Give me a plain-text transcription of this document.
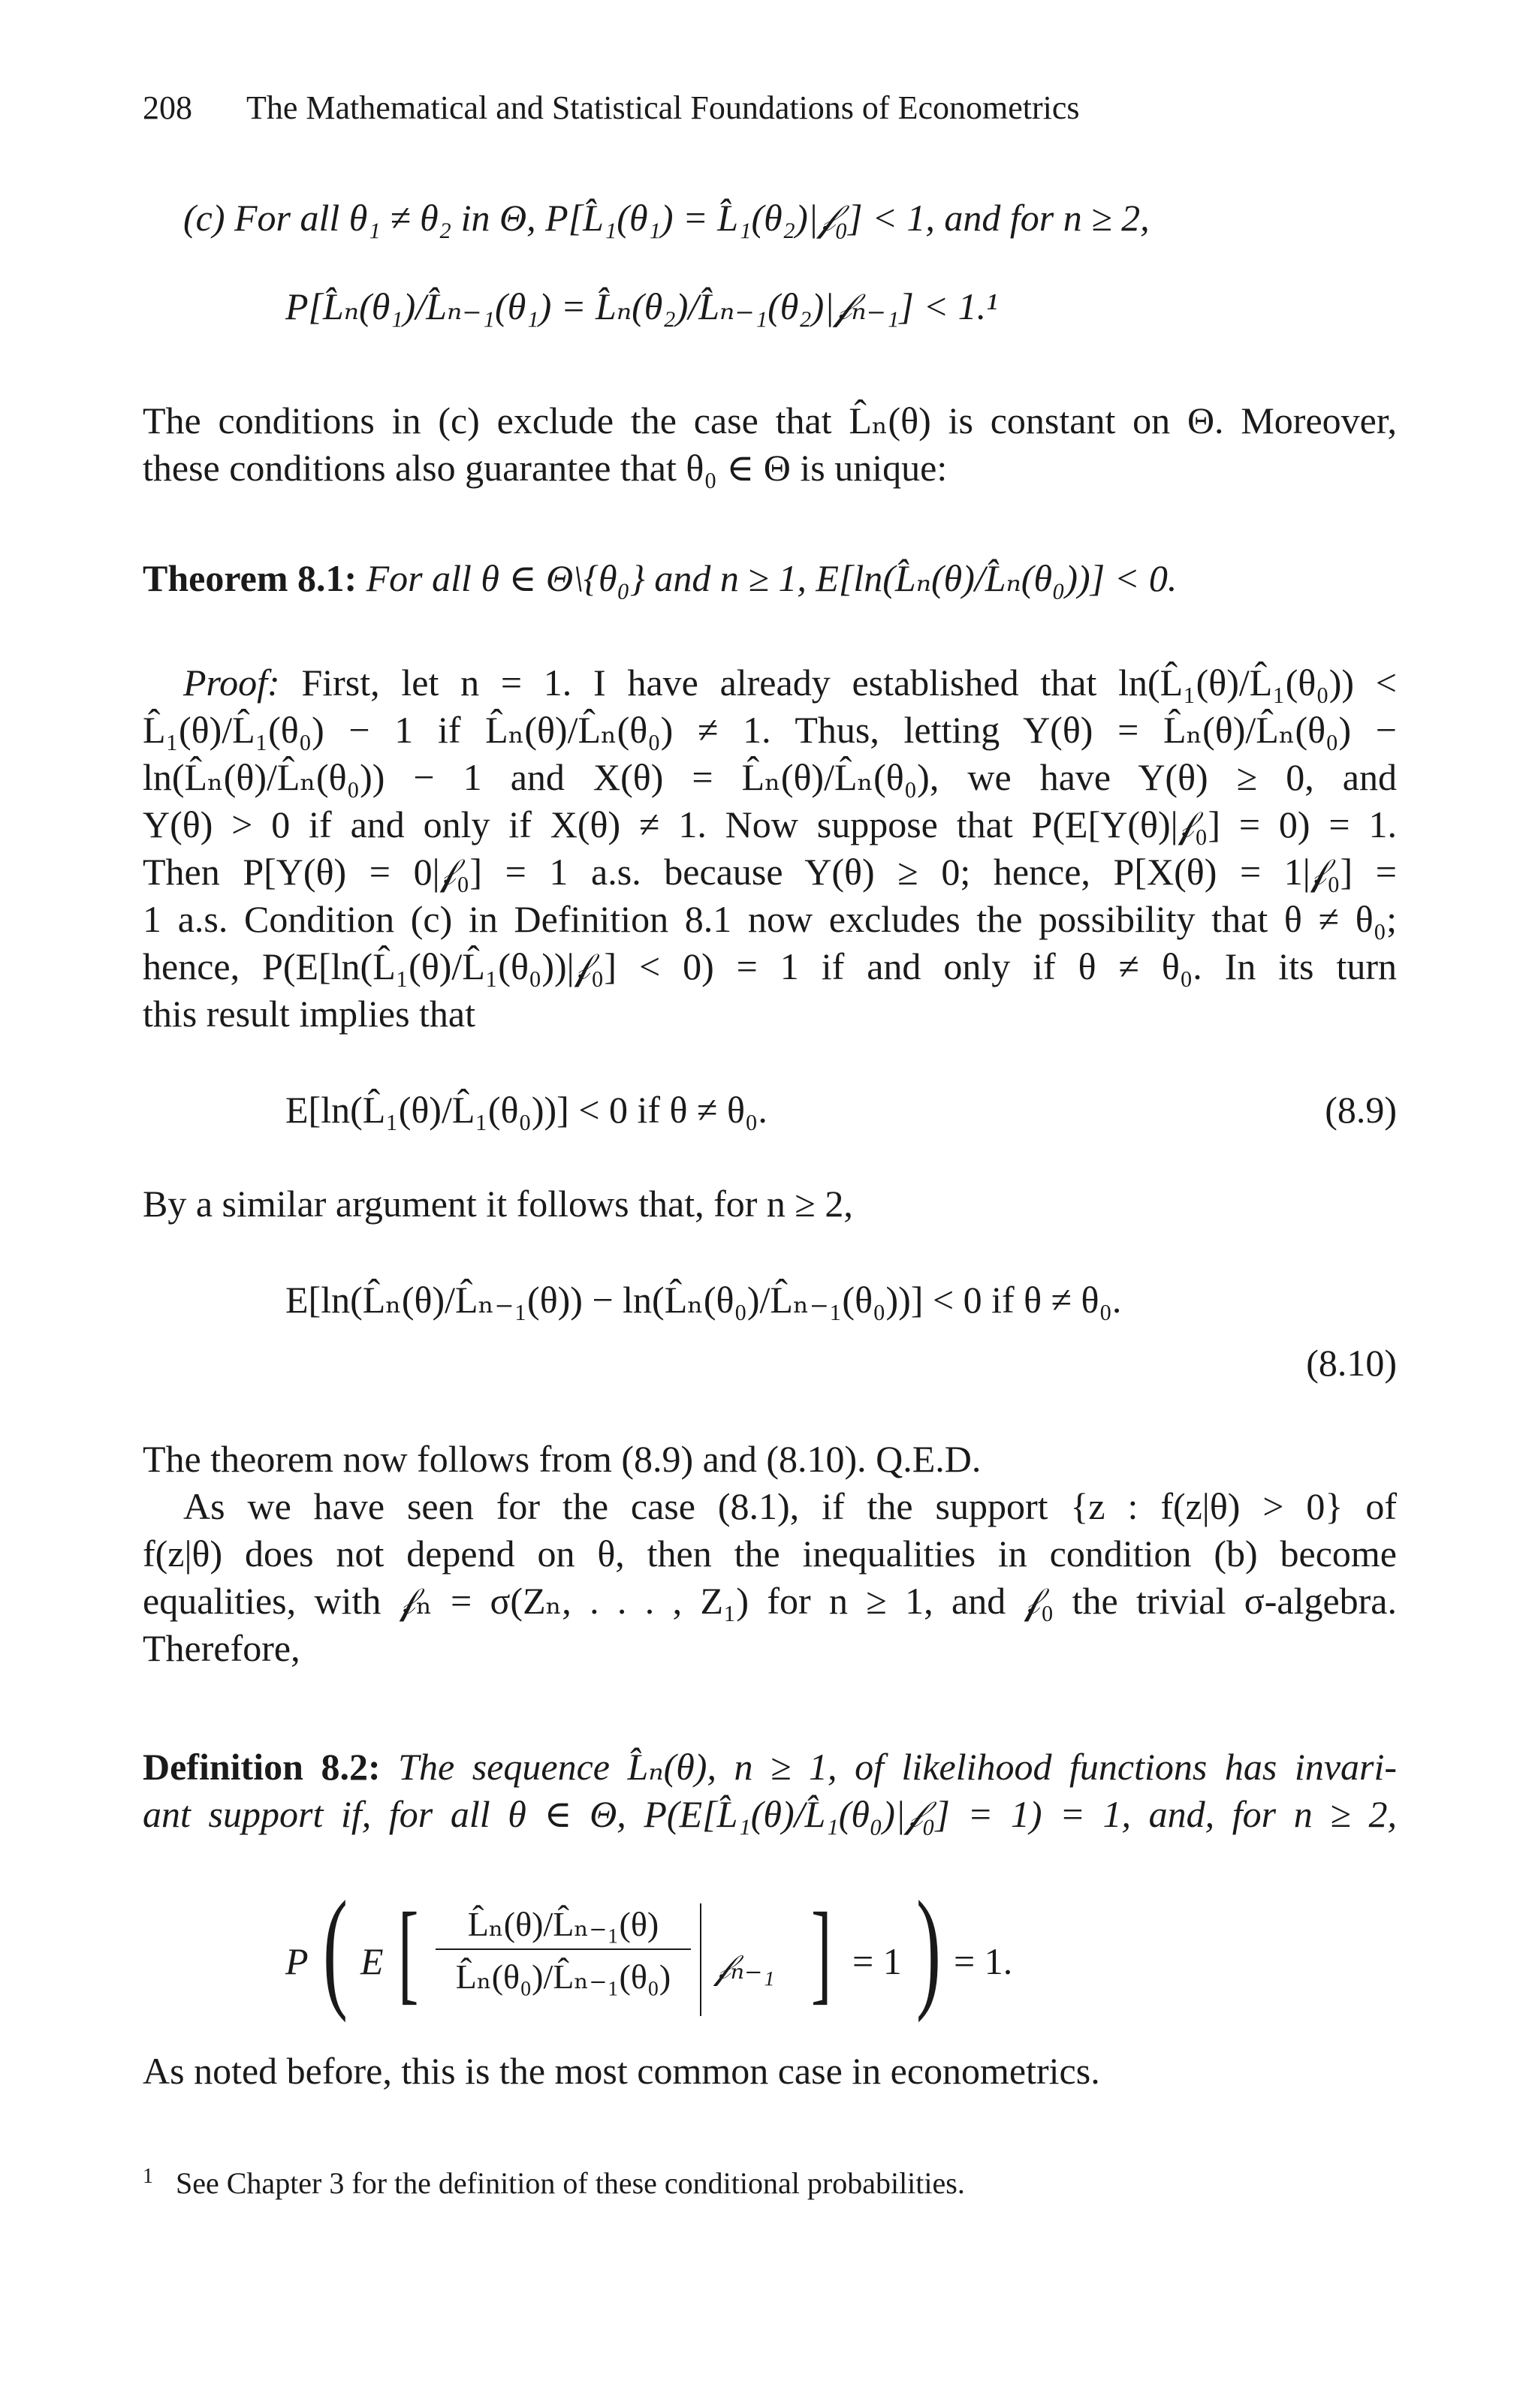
208 The Mathematical and Statistical Foundations of Econometrics
(c) For all θ₁ ≠ θ₂ in Θ, P[L̂₁(θ₁) = L̂₁(θ₂)|𝒻₀] < 1, and for n ≥ 2,
P[L̂ₙ(θ₁)/L̂ₙ₋₁(θ₁) = L̂ₙ(θ₂)/L̂ₙ₋₁(θ₂)|𝒻ₙ₋₁] < 1.¹
The conditions in (c) exclude the case that L̂ₙ(θ) is constant on Θ. Moreover,
these conditions also guarantee that θ₀ ∈ Θ is unique:
Theorem 8.1: For all θ ∈ Θ\{θ₀} and n ≥ 1, E[ln(L̂ₙ(θ)/L̂ₙ(θ₀))] < 0.
Proof: First, let n = 1. I have already established that ln(L̂₁(θ)/L̂₁(θ₀)) <
L̂₁(θ)/L̂₁(θ₀) − 1 if L̂ₙ(θ)/L̂ₙ(θ₀) ≠ 1. Thus, letting Y(θ) = L̂ₙ(θ)/L̂ₙ(θ₀) −
ln(L̂ₙ(θ)/L̂ₙ(θ₀)) − 1 and X(θ) = L̂ₙ(θ)/L̂ₙ(θ₀), we have Y(θ) ≥ 0, and
Y(θ) > 0 if and only if X(θ) ≠ 1. Now suppose that P(E[Y(θ)|𝒻₀] = 0) = 1.
Then P[Y(θ) = 0|𝒻₀] = 1 a.s. because Y(θ) ≥ 0; hence, P[X(θ) = 1|𝒻₀] =
1 a.s. Condition (c) in Definition 8.1 now excludes the possibility that θ ≠ θ₀;
hence, P(E[ln(L̂₁(θ)/L̂₁(θ₀))|𝒻₀] < 0) = 1 if and only if θ ≠ θ₀. In its turn
this result implies that
E[ln(L̂₁(θ)/L̂₁(θ₀))] < 0 if θ ≠ θ₀.	(8.9)
By a similar argument it follows that, for n ≥ 2,
E[ln(L̂ₙ(θ)/L̂ₙ₋₁(θ)) − ln(L̂ₙ(θ₀)/L̂ₙ₋₁(θ₀))] < 0 if θ ≠ θ₀.
(8.10)
The theorem now follows from (8.9) and (8.10). Q.E.D.
As we have seen for the case (8.1), if the support {z : f(z|θ) > 0} of
f(z|θ) does not depend on θ, then the inequalities in condition (b) become
equalities, with 𝒻ₙ = σ(Zₙ, . . . , Z₁) for n ≥ 1, and 𝒻₀ the trivial σ-algebra.
Therefore,
Definition 8.2: The sequence L̂ₙ(θ), n ≥ 1, of likelihood functions has invari-
ant support if, for all θ ∈ Θ, P(E[L̂₁(θ)/L̂₁(θ₀)|𝒻₀] = 1) = 1, and, for n ≥ 2,
P ( E [ $\frac{\text{L̂ₙ(θ)/L̂ₙ₋₁(θ)}}{\text{L̂ₙ(θ₀)/L̂ₙ₋₁(θ₀)}}$ 𝒻ₙ₋₁ ] = 1 ) = 1.
As noted before, this is the most common case in econometrics.
$^1$ See Chapter 3 for the definition of these conditional probabilities.
